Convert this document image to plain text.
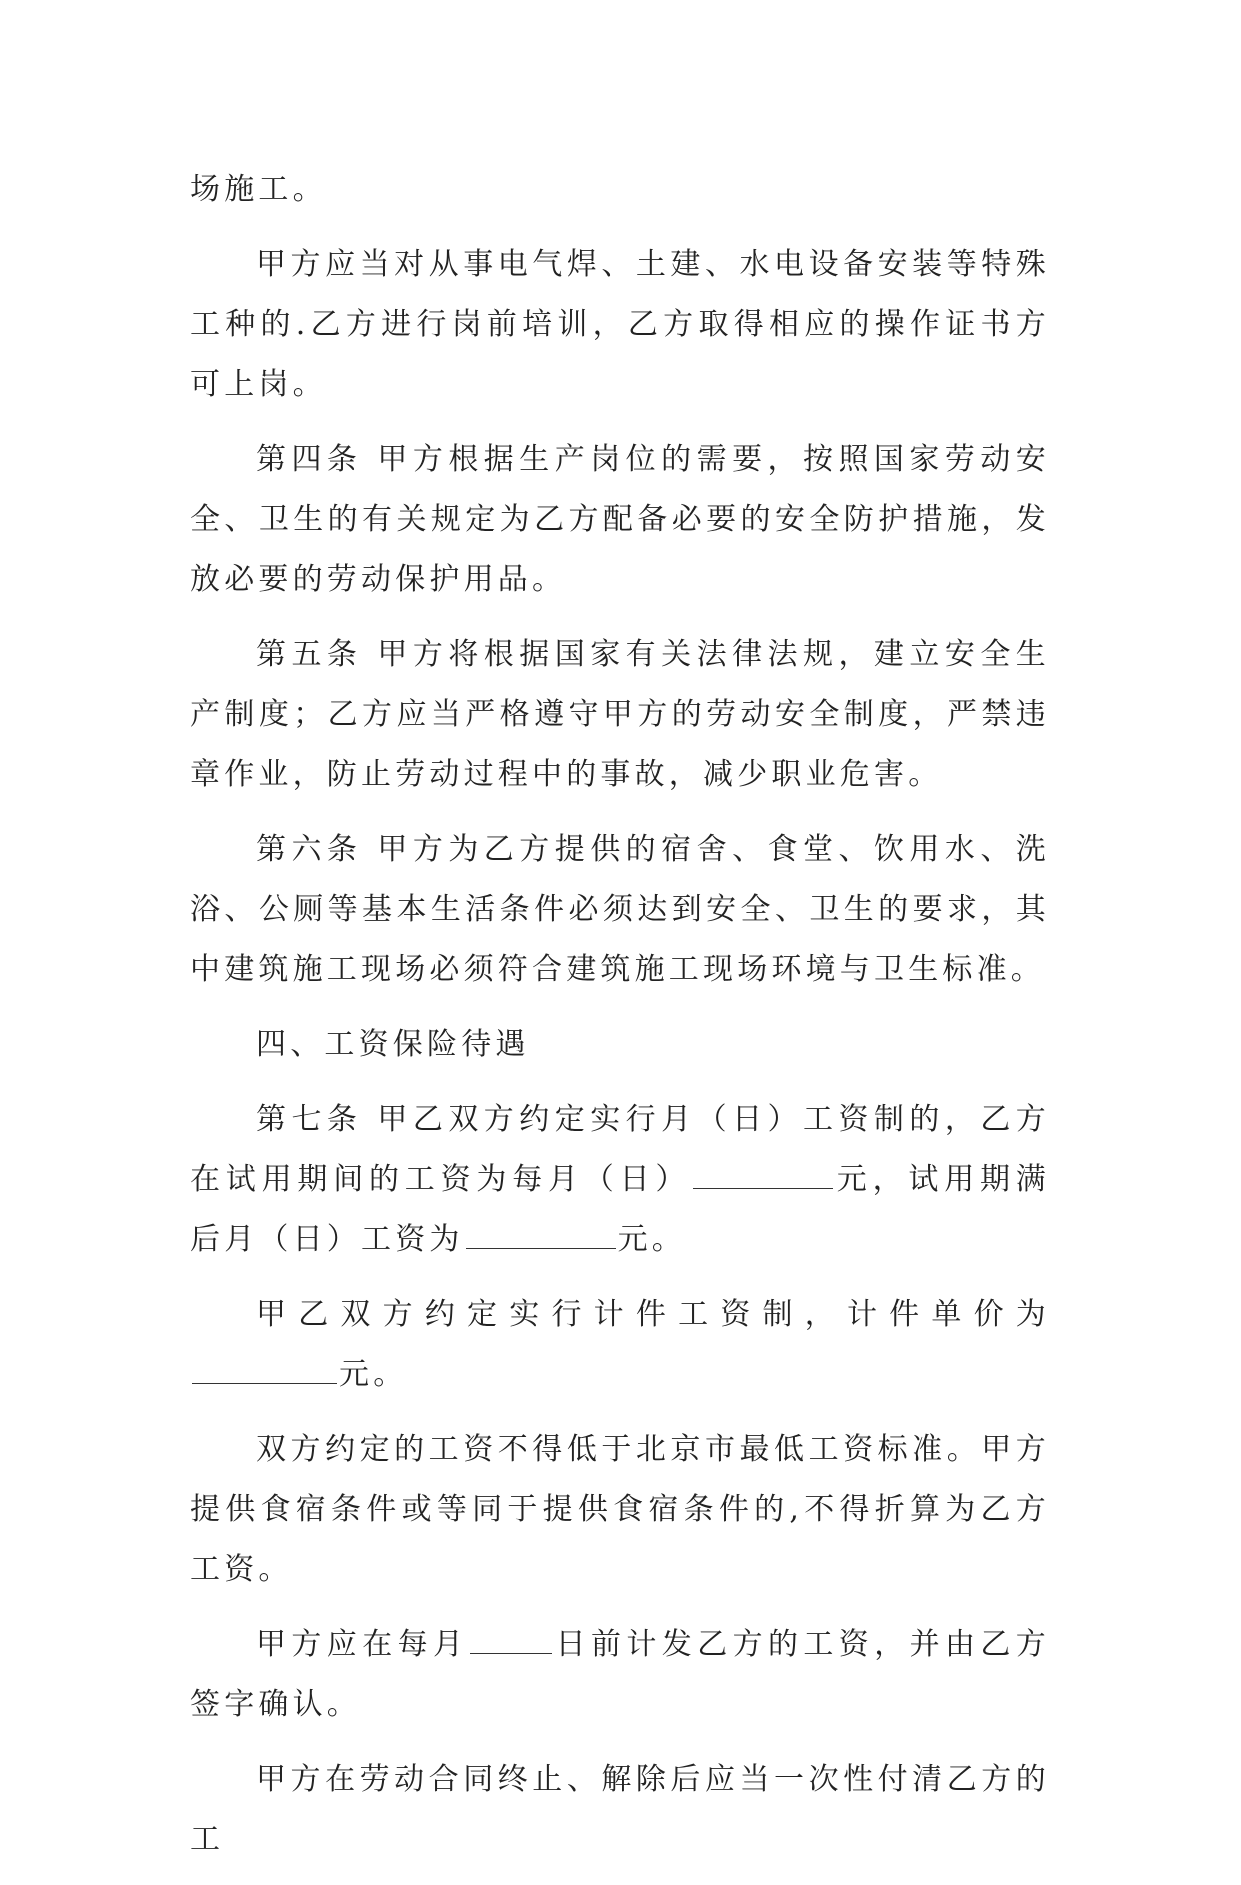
场施工。

甲方应当对从事电气焊、土建、水电设备安装等特殊工种的.乙方进行岗前培训，乙方取得相应的操作证书方可上岗。

第四条 甲方根据生产岗位的需要，按照国家劳动安全、卫生的有关规定为乙方配备必要的安全防护措施，发放必要的劳动保护用品。

第五条 甲方将根据国家有关法律法规，建立安全生产制度；乙方应当严格遵守甲方的劳动安全制度，严禁违章作业，防止劳动过程中的事故，减少职业危害。

第六条 甲方为乙方提供的宿舍、食堂、饮用水、洗浴、公厕等基本生活条件必须达到安全、卫生的要求，其中建筑施工现场必须符合建筑施工现场环境与卫生标准。

四、工资保险待遇

第七条 甲乙双方约定实行月（日）工资制的，乙方在试用期间的工资为每月（日）	元，试用期满后月（日）工资为	元。

甲乙双方约定实行计件工资制，计件单价为元。

双方约定的工资不得低于北京市最低工资标准。甲方提供食宿条件或等同于提供食宿条件的,不得折算为乙方工资。

甲方应在每月	日前计发乙方的工资，并由乙方签字确认。

甲方在劳动合同终止、解除后应当一次性付清乙方的工
